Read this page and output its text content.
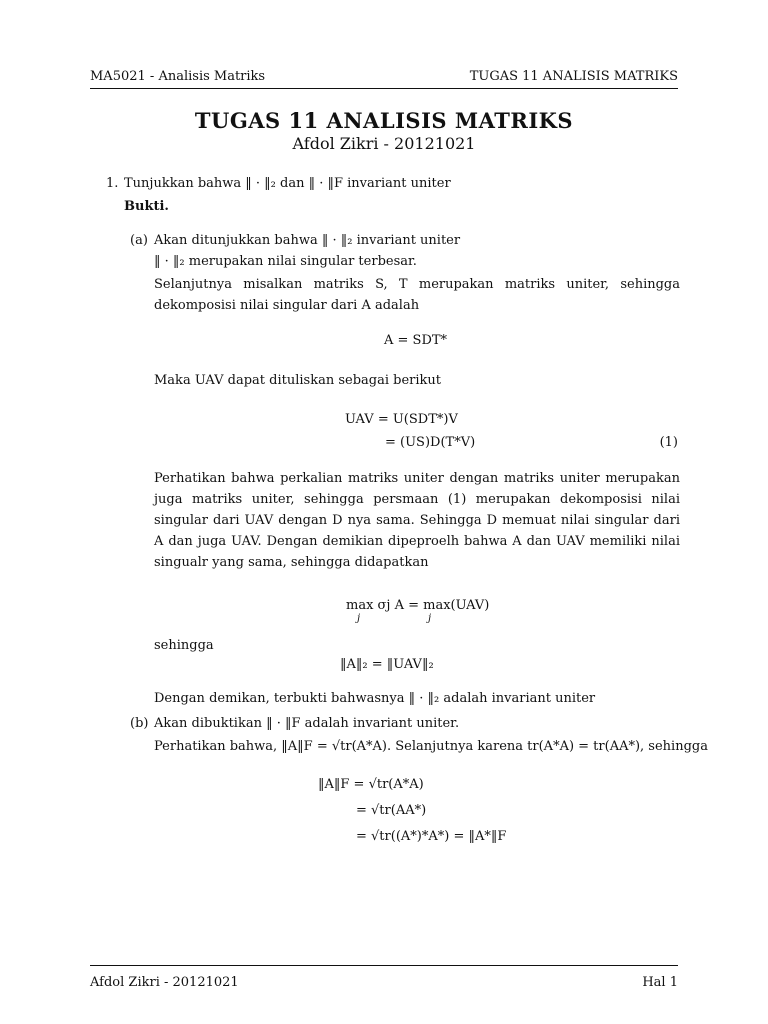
MA5021 - Analisis Matriks	TUGAS 11 ANALISIS MATRIKS
TUGAS 11 ANALISIS MATRIKS
Afdol Zikri - 20121021
1. Tunjukkan bahwa ‖ · ‖₂ dan ‖ · ‖F invariant uniter
Bukti.
(a) Akan ditunjukkan bahwa ‖ · ‖₂ invariant uniter
‖ · ‖₂ merupakan nilai singular terbesar.
Selanjutnya misalkan matriks S, T merupakan matriks uniter, sehingga dekomposisi nilai singular dari A adalah
A = SDT*
Maka UAV dapat dituliskan sebagai berikut
UAV = U(SDT*)V
= (US)D(T*V)	(1)
Perhatikan bahwa perkalian matriks uniter dengan matriks uniter merupakan juga matriks uniter, sehingga persmaan (1) merupakan dekomposisi nilai singular dari UAV dengan D nya sama. Sehingga D memuat nilai singular dari A dan juga UAV. Dengan demikian dipeproelh bahwa A dan UAV memiliki nilai singualr yang sama, sehingga didapatkan
max σj A = max(UAV)
j	j
sehingga
‖A‖₂ = ‖UAV‖₂
Dengan demikan, terbukti bahwasnya ‖ · ‖₂ adalah invariant uniter
(b) Akan dibuktikan ‖ · ‖F adalah invariant uniter.
Perhatikan bahwa, ‖A‖F = √tr(A*A). Selanjutnya karena tr(A*A) = tr(AA*), sehingga
‖A‖F = √tr(A*A)
= √tr(AA*)
= √tr((A*)*A*) = ‖A*‖F
Afdol Zikri - 20121021	Hal 1
